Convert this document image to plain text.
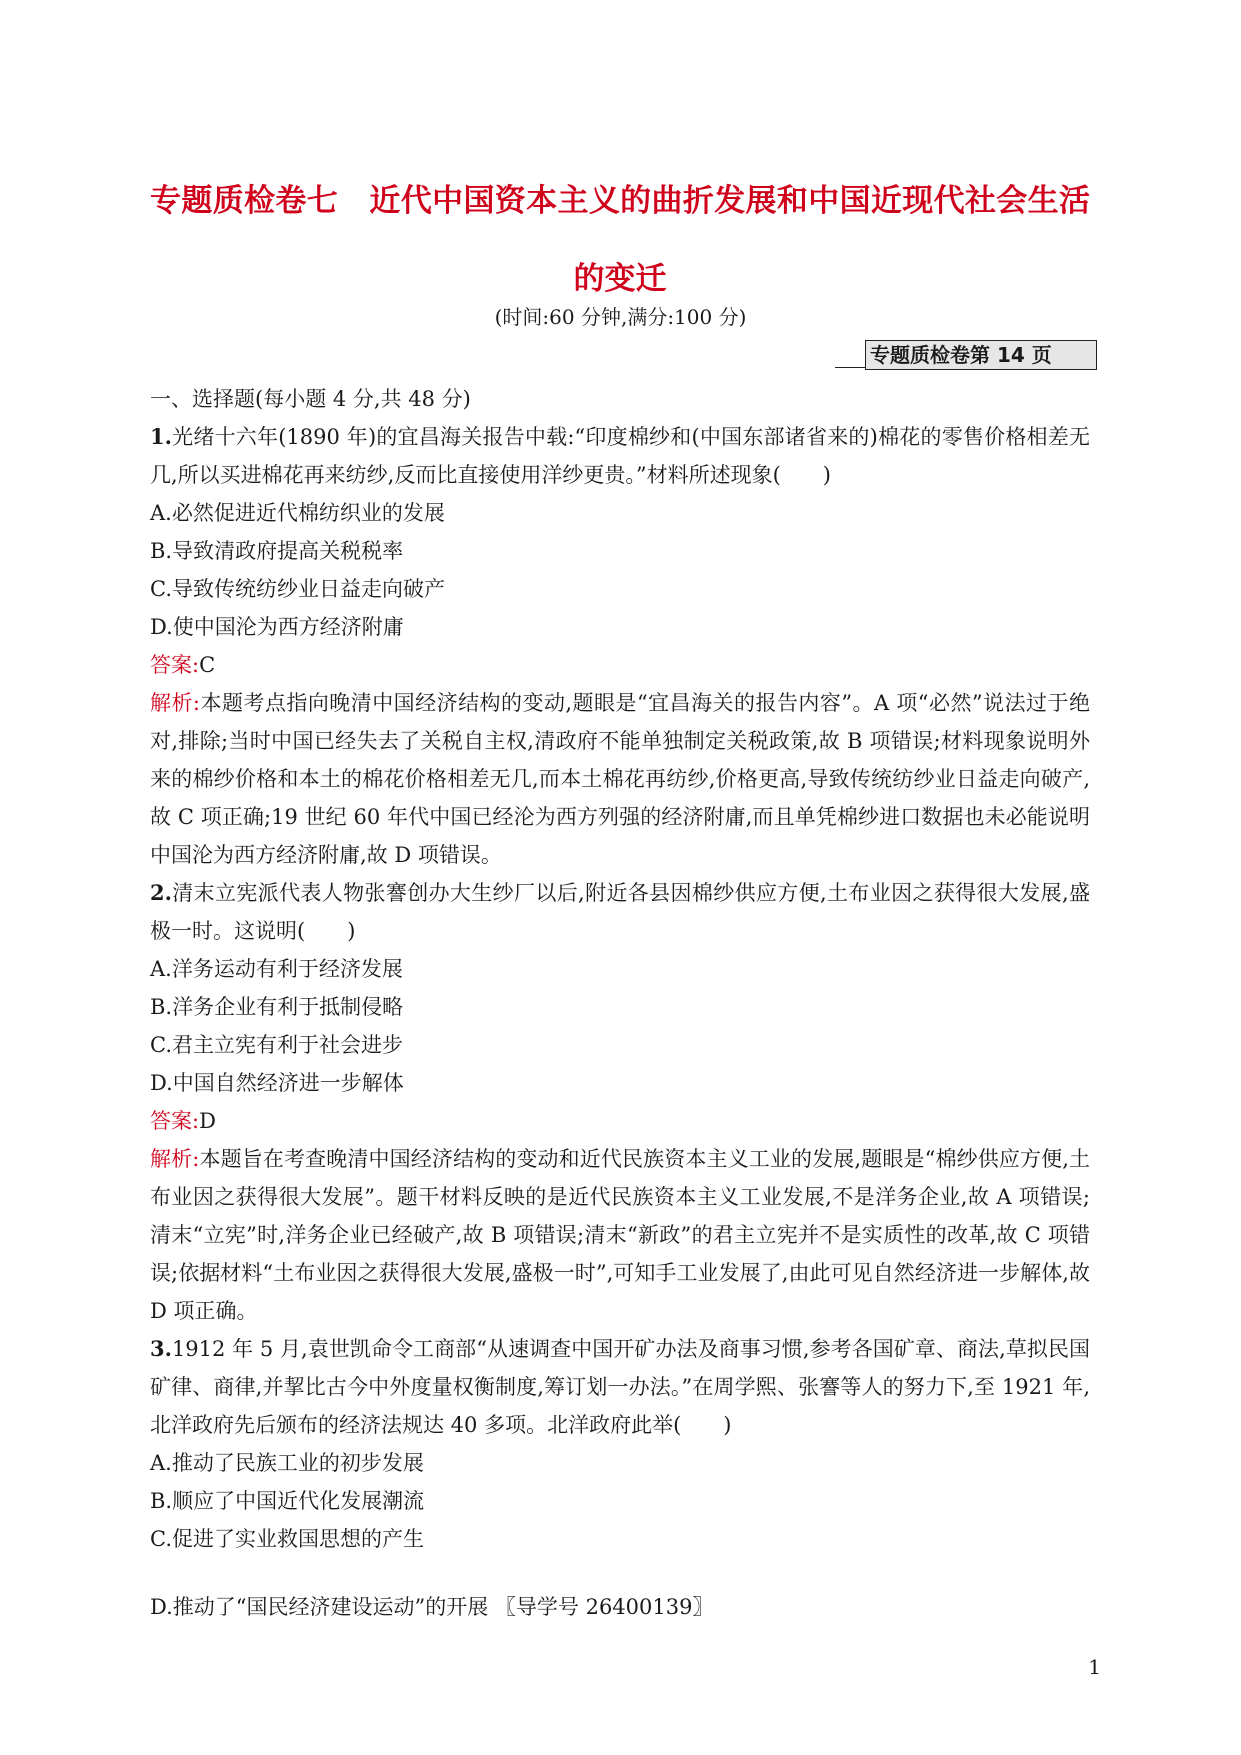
专题质检卷七　近代中国资本主义的曲折发展和中国近现代社会生活的变迁
(时间:60 分钟,满分:100 分)
专题质检卷第 14 页

一、选择题(每小题 4 分,共 48 分)

1.光绪十六年(1890 年)的宜昌海关报告中载:“印度棉纱和(中国东部诸省来的)棉花的零售价格相差无几,所以买进棉花再来纺纱,反而比直接使用洋纱更贵。”材料所述现象(　　)

A.必然促进近代棉纺织业的发展

B.导致清政府提高关税税率

C.导致传统纺纱业日益走向破产

D.使中国沦为西方经济附庸

答案:C

解析:本题考点指向晚清中国经济结构的变动,题眼是“宜昌海关的报告内容”。A 项“必然”说法过于绝对,排除;当时中国已经失去了关税自主权,清政府不能单独制定关税政策,故 B 项错误;材料现象说明外来的棉纱价格和本土的棉花价格相差无几,而本土棉花再纺纱,价格更高,导致传统纺纱业日益走向破产,故 C 项正确;19 世纪 60 年代中国已经沦为西方列强的经济附庸,而且单凭棉纱进口数据也未必能说明中国沦为西方经济附庸,故 D 项错误。

2.清末立宪派代表人物张謇创办大生纱厂以后,附近各县因棉纱供应方便,土布业因之获得很大发展,盛极一时。这说明(　　)

A.洋务运动有利于经济发展

B.洋务企业有利于抵制侵略

C.君主立宪有利于社会进步

D.中国自然经济进一步解体

答案:D

解析:本题旨在考查晚清中国经济结构的变动和近代民族资本主义工业的发展,题眼是“棉纱供应方便,土布业因之获得很大发展”。题干材料反映的是近代民族资本主义工业发展,不是洋务企业,故 A 项错误;清末“立宪”时,洋务企业已经破产,故 B 项错误;清末“新政”的君主立宪并不是实质性的改革,故 C 项错误;依据材料“土布业因之获得很大发展,盛极一时”,可知手工业发展了,由此可见自然经济进一步解体,故 D 项正确。

3.1912 年 5 月,袁世凯命令工商部“从速调查中国开矿办法及商事习惯,参考各国矿章、商法,草拟民国矿律、商律,并挈比古今中外度量权衡制度,筹订划一办法。”在周学熙、张謇等人的努力下,至 1921 年,北洋政府先后颁布的经济法规达 40 多项。北洋政府此举(　　)

A.推动了民族工业的初步发展

B.顺应了中国近代化发展潮流

C.促进了实业救国思想的产生

D.推动了“国民经济建设运动”的开展 〖导学号 26400139〗

1
